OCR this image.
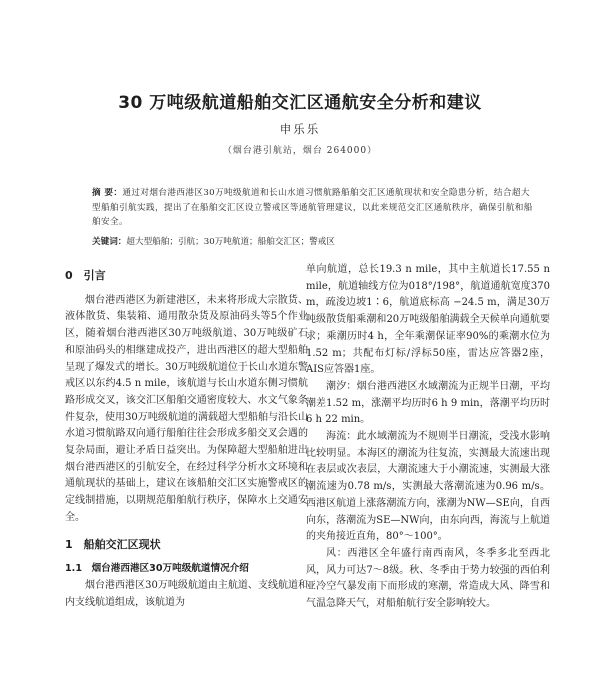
30 万吨级航道船舶交汇区通航安全分析和建议
申乐乐
（烟台港引航站，烟台 264000）
摘 要：通过对烟台港西港区30万吨级航道和长山水道习惯航路船舶交汇区通航现状和安全隐患分析，结合超大型船舶引航实践，提出了在船舶交汇区设立警戒区等通航管理建议，以此来规范交汇区通航秩序，确保引航和船舶安全。
关键词：超大型船舶；引航；30万吨航道；船舶交汇区；警戒区
0　引言

烟台港西港区为新建港区，未来将形成大宗散货、液体散货、集装箱、通用散杂货及原油码头等5个作业区，随着烟台港西港区30万吨级航道、30万吨级矿石和原油码头的相继建成投产，进出西港区的超大型船舶呈现了爆发式的增长。30万吨级航道位于长山水道东警戒区以东约4.5 n mile，该航道与长山水道东侧习惯航路形成交叉，该交汇区船舶交通密度较大、水文气象条件复杂，使用30万吨级航道的满载超大型船舶与沿长山水道习惯航路双向通行船舶往往会形成多船交叉会遇的复杂局面，避让矛盾日益突出。为保障超大型船舶进出烟台港西港区的引航安全，在经过科学分析水文环境和通航现状的基础上，建议在该船舶交汇区实施警戒区的定线制措施，以期规范船舶航行秩序，保障水上交通安全。

1　船舶交汇区现状
1.1　烟台港西港区30万吨级航道情况介绍

烟台港西港区30万吨级航道由主航道、支线航道和内支线航道组成，该航道为

单向航道，总长19.3 n mile，其中主航道长17.55 n mile，航道轴线方位为018°/198°，航道通航宽度370 m，疏浚边坡1∶6，航道底标高 −24.5 m，满足30万吨级散货船乘潮和20万吨级船舶满载全天候单向通航要求；乘潮历时4 h，全年乘潮保证率90%的乘潮水位为1.52 m；共配布灯标/浮标50座，雷达应答器2座，AIS应答器1座。

潮汐：烟台港西港区水域潮流为正规半日潮，平均潮差1.52 m，涨潮平均历时6 h 9 min，落潮平均历时6 h 22 min。

海流：此水域潮流为不规则半日潮流，受浅水影响比较明显。本海区的潮流为往复流，实测最大流速出现在表层或次表层，大潮流速大于小潮流速，实测最大涨潮流速为0.78 m/s，实测最大落潮流速为0.96 m/s。西港区航道上涨落潮流方向，涨潮为NW—SE向，自西向东，落潮流为SE—NW向，由东向西，海流与上航道的夹角接近直角，80°～100°。

风：西港区全年盛行南西南风，冬季多北至西北风，风力可达7～8级。秋、冬季由于势力较强的西伯利亚冷空气暴发南下而形成的寒潮，常造成大风、降雪和气温急降天气，对船舶航行安全影响较大。
